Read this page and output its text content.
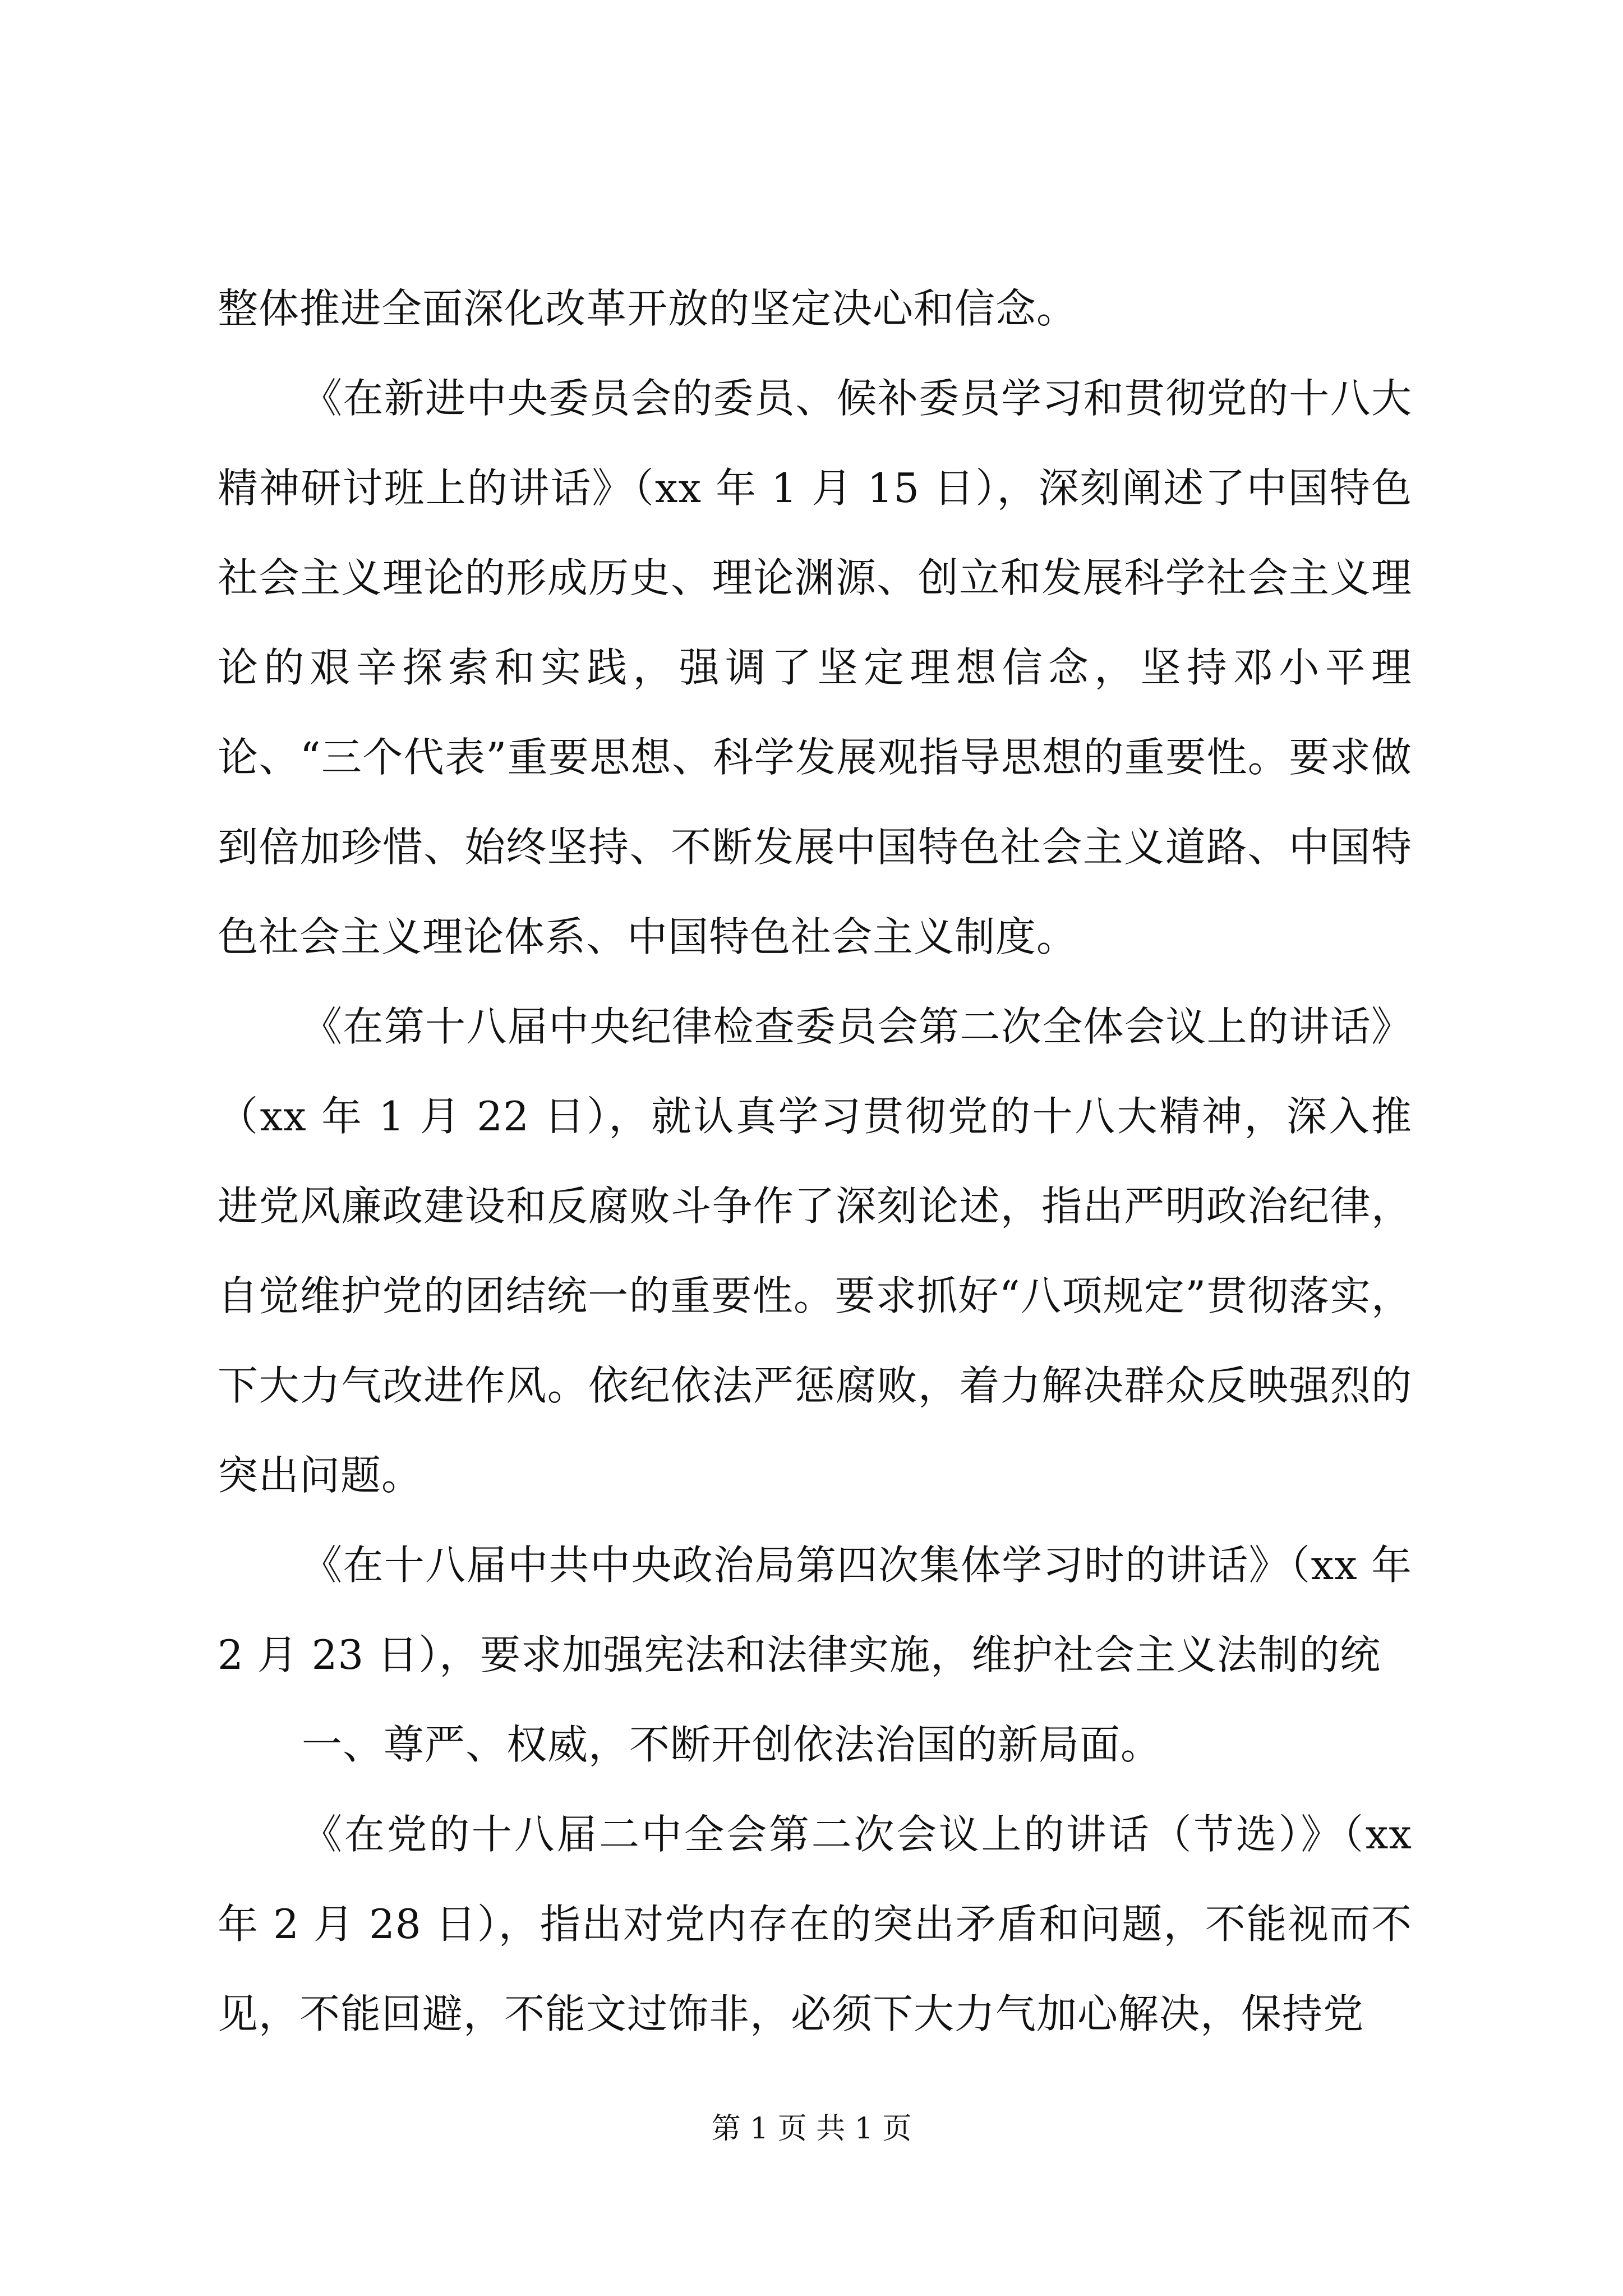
整体推进全面深化改革开放的坚定决心和信念。

《在新进中央委员会的委员、候补委员学习和贯彻党的十八大精神研讨班上的讲话》（xx 年 1 月 15 日），深刻阐述了中国特色社会主义理论的形成历史、理论渊源、创立和发展科学社会主义理论的艰辛探索和实践，强调了坚定理想信念，坚持邓小平理论、“三个代表”重要思想、科学发展观指导思想的重要性。要求做到倍加珍惜、始终坚持、不断发展中国特色社会主义道路、中国特色社会主义理论体系、中国特色社会主义制度。

《在第十八届中央纪律检查委员会第二次全体会议上的讲话》（xx 年 1 月 22 日），就认真学习贯彻党的十八大精神，深入推进党风廉政建设和反腐败斗争作了深刻论述，指出严明政治纪律，自觉维护党的团结统一的重要性。要求抓好“八项规定”贯彻落实，下大力气改进作风。依纪依法严惩腐败，着力解决群众反映强烈的突出问题。

《在十八届中共中央政治局第四次集体学习时的讲话》（xx 年 2 月 23 日），要求加强宪法和法律实施，维护社会主义法制的统

一、尊严、权威，不断开创依法治国的新局面。

《在党的十八届二中全会第二次会议上的讲话（节选）》（xx 年 2 月 28 日），指出对党内存在的突出矛盾和问题，不能视而不见，不能回避，不能文过饰非，必须下大力气加心解决，保持党

第 1 页 共 1 页
